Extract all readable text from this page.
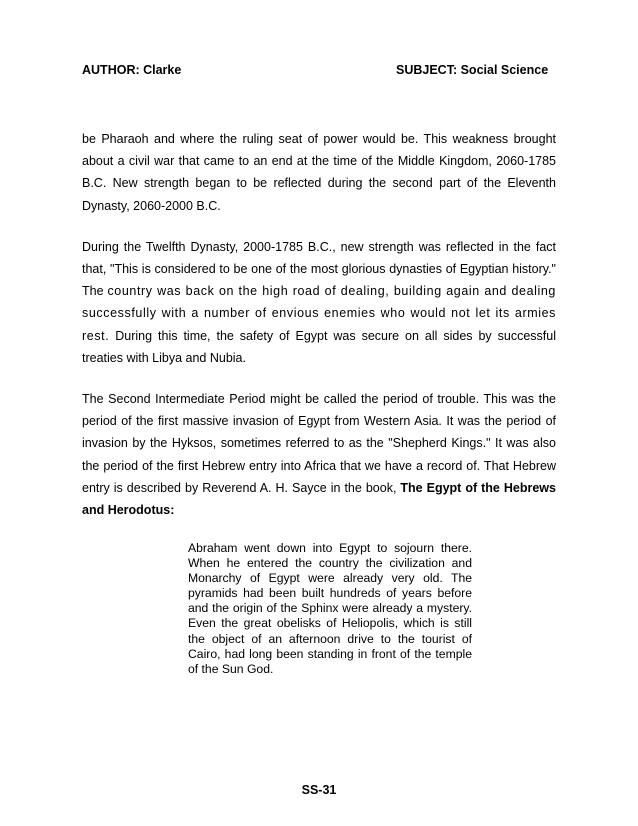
AUTHOR: Clarke	SUBJECT: Social Science

be Pharaoh and where the ruling seat of power would be. This weakness brought about a civil war that came to an end at the time of the Middle Kingdom, 2060-1785 B.C. New strength began to be reflected during the second part of the Eleventh Dynasty, 2060-2000 B.C.

During the Twelfth Dynasty, 2000-1785 B.C., new strength was reflected in the fact that, "This is considered to be one of the most glorious dynasties of Egyptian history." The country was back on the high road of dealing, building again and dealing successfully with a number of envious enemies who would not let its armies rest. During this time, the safety of Egypt was secure on all sides by successful treaties with Libya and Nubia.

The Second Intermediate Period might be called the period of trouble. This was the period of the first massive invasion of Egypt from Western Asia. It was the period of invasion by the Hyksos, sometimes referred to as the "Shepherd Kings." It was also the period of the first Hebrew entry into Africa that we have a record of. That Hebrew entry is described by Reverend A. H. Sayce in the book, The Egypt of the Hebrews and Herodotus:

Abraham went down into Egypt to sojourn there. When he entered the country the civilization and Monarchy of Egypt were already very old. The pyramids had been built hundreds of years before and the origin of the Sphinx were already a mystery. Even the great obelisks of Heliopolis, which is still the object of an afternoon drive to the tourist of Cairo, had long been standing in front of the temple of the Sun God.

SS-31
